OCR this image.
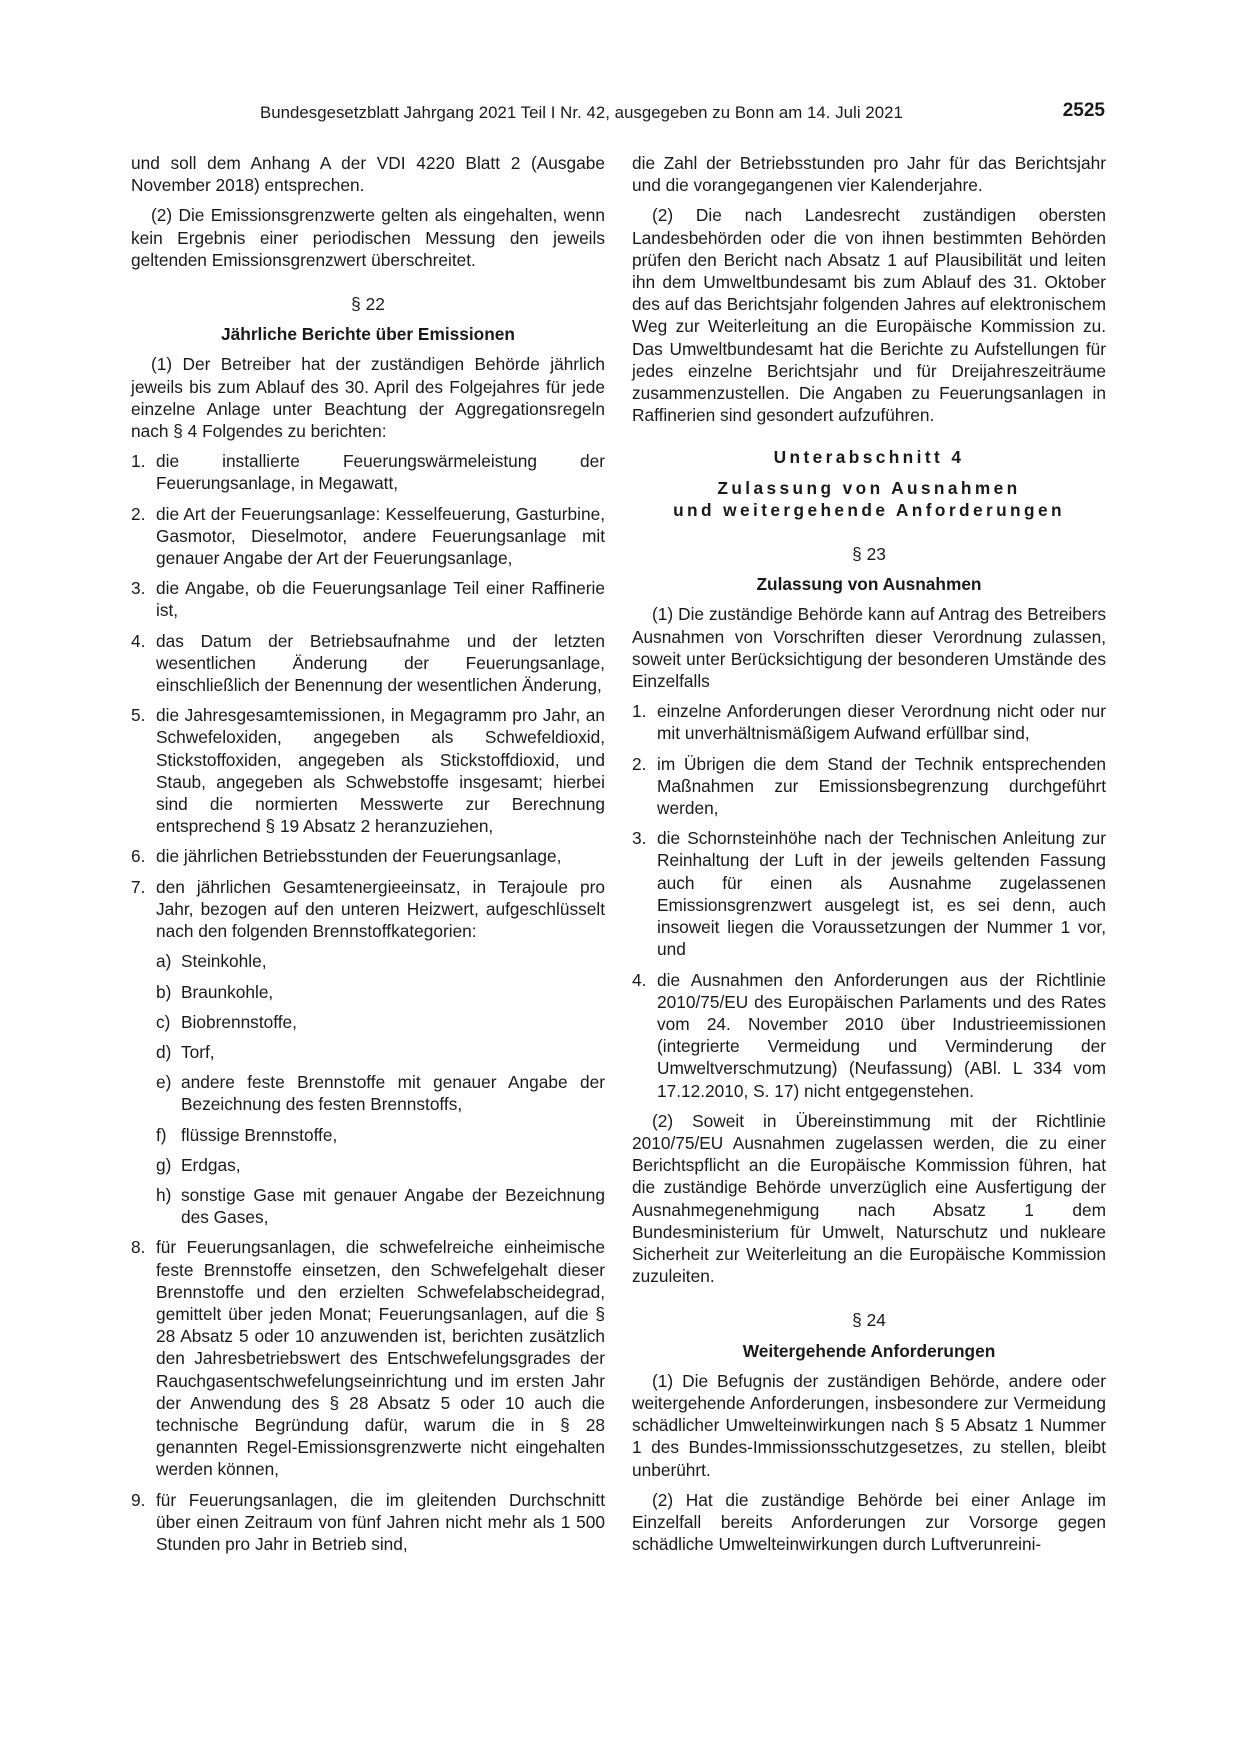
Bundesgesetzblatt Jahrgang 2021 Teil I Nr. 42, ausgegeben zu Bonn am 14. Juli 2021	2525

und soll dem Anhang A der VDI 4220 Blatt 2 (Ausgabe November 2018) entsprechen.

(2) Die Emissionsgrenzwerte gelten als eingehalten, wenn kein Ergebnis einer periodischen Messung den jeweils geltenden Emissionsgrenzwert überschreitet.

§ 22
Jährliche Berichte über Emissionen

(1) Der Betreiber hat der zuständigen Behörde jährlich jeweils bis zum Ablauf des 30. April des Folgejahres für jede einzelne Anlage unter Beachtung der Aggregationsregeln nach § 4 Folgendes zu berichten:

1. die installierte Feuerungswärmeleistung der Feuerungsanlage, in Megawatt,
2. die Art der Feuerungsanlage: Kesselfeuerung, Gasturbine, Gasmotor, Dieselmotor, andere Feuerungsanlage mit genauer Angabe der Art der Feuerungsanlage,
3. die Angabe, ob die Feuerungsanlage Teil einer Raffinerie ist,
4. das Datum der Betriebsaufnahme und der letzten wesentlichen Änderung der Feuerungsanlage, einschließlich der Benennung der wesentlichen Änderung,
5. die Jahresgesamtemissionen, in Megagramm pro Jahr, an Schwefeloxiden, angegeben als Schwefeldioxid, Stickstoffoxiden, angegeben als Stickstoffdioxid, und Staub, angegeben als Schwebstoffe insgesamt; hierbei sind die normierten Messwerte zur Berechnung entsprechend § 19 Absatz 2 heranzuziehen,
6. die jährlichen Betriebsstunden der Feuerungsanlage,
7. den jährlichen Gesamtenergieeinsatz, in Terajoule pro Jahr, bezogen auf den unteren Heizwert, aufgeschlüsselt nach den folgenden Brennstoffkategorien:
a) Steinkohle,
b) Braunkohle,
c) Biobrennstoffe,
d) Torf,
e) andere feste Brennstoffe mit genauer Angabe der Bezeichnung des festen Brennstoffs,
f) flüssige Brennstoffe,
g) Erdgas,
h) sonstige Gase mit genauer Angabe der Bezeichnung des Gases,
8. für Feuerungsanlagen, die schwefelreiche einheimische feste Brennstoffe einsetzen, den Schwefelgehalt dieser Brennstoffe und den erzielten Schwefelabscheidegrad, gemittelt über jeden Monat; Feuerungsanlagen, auf die § 28 Absatz 5 oder 10 anzuwenden ist, berichten zusätzlich den Jahresbetriebswert des Entschwefelungsgrades der Rauchgasentschwefelungseinrichtung und im ersten Jahr der Anwendung des § 28 Absatz 5 oder 10 auch die technische Begründung dafür, warum die in § 28 genannten Regel-Emissionsgrenzwerte nicht eingehalten werden können,
9. für Feuerungsanlagen, die im gleitenden Durchschnitt über einen Zeitraum von fünf Jahren nicht mehr als 1 500 Stunden pro Jahr in Betrieb sind,

die Zahl der Betriebsstunden pro Jahr für das Berichtsjahr und die vorangegangenen vier Kalenderjahre.

(2) Die nach Landesrecht zuständigen obersten Landesbehörden oder die von ihnen bestimmten Behörden prüfen den Bericht nach Absatz 1 auf Plausibilität und leiten ihn dem Umweltbundesamt bis zum Ablauf des 31. Oktober des auf das Berichtsjahr folgenden Jahres auf elektronischem Weg zur Weiterleitung an die Europäische Kommission zu. Das Umweltbundesamt hat die Berichte zu Aufstellungen für jedes einzelne Berichtsjahr und für Dreijahreszeiträume zusammenzustellen. Die Angaben zu Feuerungsanlagen in Raffinerien sind gesondert aufzuführen.

Unterabschnitt 4
Zulassung von Ausnahmen
und weitergehende Anforderungen
§ 23
Zulassung von Ausnahmen

(1) Die zuständige Behörde kann auf Antrag des Betreibers Ausnahmen von Vorschriften dieser Verordnung zulassen, soweit unter Berücksichtigung der besonderen Umstände des Einzelfalls

1. einzelne Anforderungen dieser Verordnung nicht oder nur mit unverhältnismäßigem Aufwand erfüllbar sind,
2. im Übrigen die dem Stand der Technik entsprechenden Maßnahmen zur Emissionsbegrenzung durchgeführt werden,
3. die Schornsteinhöhe nach der Technischen Anleitung zur Reinhaltung der Luft in der jeweils geltenden Fassung auch für einen als Ausnahme zugelassenen Emissionsgrenzwert ausgelegt ist, es sei denn, auch insoweit liegen die Voraussetzungen der Nummer 1 vor, und
4. die Ausnahmen den Anforderungen aus der Richtlinie 2010/75/EU des Europäischen Parlaments und des Rates vom 24. November 2010 über Industrieemissionen (integrierte Vermeidung und Verminderung der Umweltverschmutzung) (Neufassung) (ABl. L 334 vom 17.12.2010, S. 17) nicht entgegenstehen.

(2) Soweit in Übereinstimmung mit der Richtlinie 2010/75/EU Ausnahmen zugelassen werden, die zu einer Berichtspflicht an die Europäische Kommission führen, hat die zuständige Behörde unverzüglich eine Ausfertigung der Ausnahmegenehmigung nach Absatz 1 dem Bundesministerium für Umwelt, Naturschutz und nukleare Sicherheit zur Weiterleitung an die Europäische Kommission zuzuleiten.

§ 24
Weitergehende Anforderungen

(1) Die Befugnis der zuständigen Behörde, andere oder weitergehende Anforderungen, insbesondere zur Vermeidung schädlicher Umwelteinwirkungen nach § 5 Absatz 1 Nummer 1 des Bundes-Immissionsschutzgesetzes, zu stellen, bleibt unberührt.

(2) Hat die zuständige Behörde bei einer Anlage im Einzelfall bereits Anforderungen zur Vorsorge gegen schädliche Umwelteinwirkungen durch Luftverunreini-
